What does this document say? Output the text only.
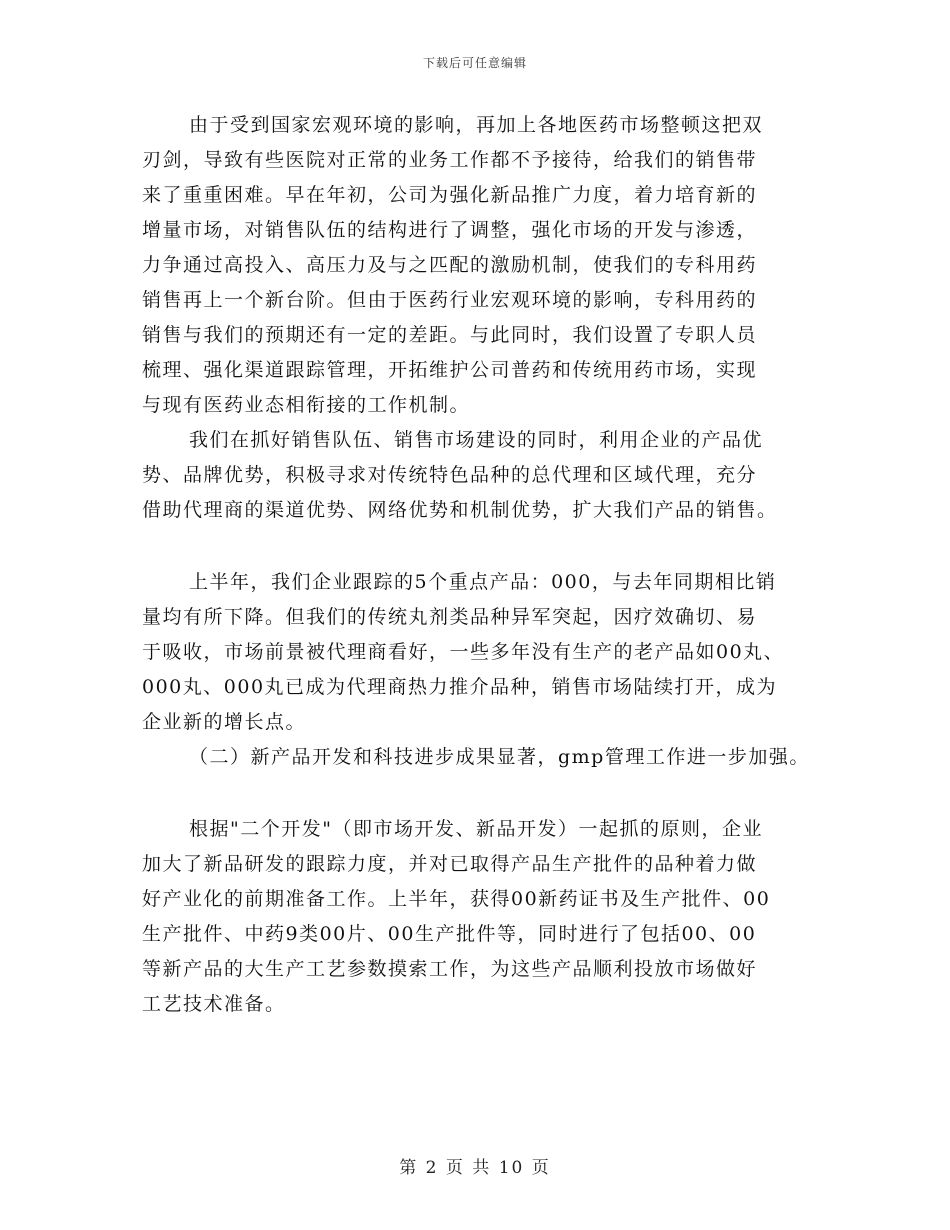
下载后可任意编辑
由于受到国家宏观环境的影响，再加上各地医药市场整顿这把双
刃剑，导致有些医院对正常的业务工作都不予接待，给我们的销售带
来了重重困难。早在年初，公司为强化新品推广力度，着力培育新的
增量市场，对销售队伍的结构进行了调整，强化市场的开发与渗透，
力争通过高投入、高压力及与之匹配的激励机制，使我们的专科用药
销售再上一个新台阶。但由于医药行业宏观环境的影响，专科用药的
销售与我们的预期还有一定的差距。与此同时，我们设置了专职人员
梳理、强化渠道跟踪管理，开拓维护公司普药和传统用药市场，实现
与现有医药业态相衔接的工作机制。
我们在抓好销售队伍、销售市场建设的同时，利用企业的产品优
势、品牌优势，积极寻求对传统特色品种的总代理和区域代理，充分
借助代理商的渠道优势、网络优势和机制优势，扩大我们产品的销售。
上半年，我们企业跟踪的5个重点产品：000，与去年同期相比销
量均有所下降。但我们的传统丸剂类品种异军突起，因疗效确切、易
于吸收，市场前景被代理商看好，一些多年没有生产的老产品如00丸、
000丸、000丸已成为代理商热力推介品种，销售市场陆续打开，成为
企业新的增长点。
（二）新产品开发和科技进步成果显著，gmp管理工作进一步加强。
根据"二个开发"（即市场开发、新品开发）一起抓的原则，企业
加大了新品研发的跟踪力度，并对已取得产品生产批件的品种着力做
好产业化的前期准备工作。上半年，获得00新药证书及生产批件、00
生产批件、中药9类00片、00生产批件等，同时进行了包括00、00
等新产品的大生产工艺参数摸索工作，为这些产品顺利投放市场做好
工艺技术准备。
第 2 页 共 10 页
